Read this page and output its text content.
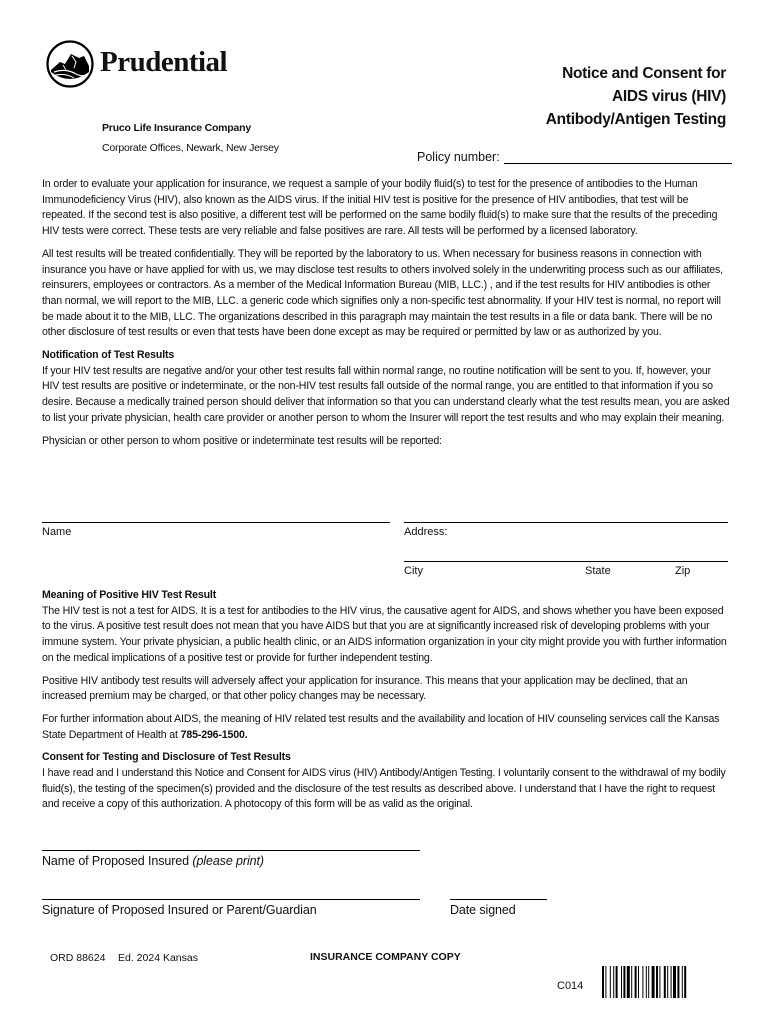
Prudential
Pruco Life Insurance Company
Corporate Offices, Newark, New Jersey
Notice and Consent for
AIDS virus (HIV)
Antibody/Antigen Testing
Policy number:

In order to evaluate your application for insurance, we request a sample of your bodily fluid(s) to test for the presence of antibodies to the Human Immunodeficiency Virus (HIV), also known as the AIDS virus. If the initial HIV test is positive for the presence of HIV antibodies, that test will be repeated. If the second test is also positive, a different test will be performed on the same bodily fluid(s) to make sure that the results of the preceding HIV tests were correct. These tests are very reliable and false positives are rare. All tests will be performed by a licensed laboratory.

All test results will be treated confidentially. They will be reported by the laboratory to us. When necessary for business reasons in connection with insurance you have or have applied for with us, we may disclose test results to others involved solely in the underwriting process such as our affiliates, reinsurers, employees or contractors. As a member of the Medical Information Bureau (MIB, LLC.) , and if the test results for HIV antibodies is other than normal, we will report to the MIB, LLC. a generic code which signifies only a non-specific test abnormality. If your HIV test is normal, no report will be made about it to the MIB, LLC. The organizations described in this paragraph may maintain the test results in a file or data bank. There will be no other disclosure of test results or even that tests have been done except as may be required or permitted by law or as authorized by you.

Notification of Test Results

If your HIV test results are negative and/or your other test results fall within normal range, no routine notification will be sent to you. If, however, your HIV test results are positive or indeterminate, or the non-HIV test results fall outside of the normal range, you are entitled to that information if you so desire. Because a medically trained person should deliver that information so that you can understand clearly what the test results mean, you are asked to list your private physician, health care provider or another person to whom the Insurer will report the test results and who may explain their meaning.

Physician or other person to whom positive or indeterminate test results will be reported:

Name	Address:
City	State	Zip

Meaning of Positive HIV Test Result

The HIV test is not a test for AIDS. It is a test for antibodies to the HIV virus, the causative agent for AIDS, and shows whether you have been exposed to the virus. A positive test result does not mean that you have AIDS but that you are at significantly increased risk of developing problems with your immune system. Your private physician, a public health clinic, or an AIDS information organization in your city might provide you with further information on the medical implications of a positive test or provide for further independent testing.

Positive HIV antibody test results will adversely affect your application for insurance. This means that your application may be declined, that an increased premium may be charged, or that other policy changes may be necessary.

For further information about AIDS, the meaning of HIV related test results and the availability and location of HIV counseling services call the Kansas State Department of Health at 785-296-1500.

Consent for Testing and Disclosure of Test Results

I have read and I understand this Notice and Consent for AIDS virus (HIV) Antibody/Antigen Testing. I voluntarily consent to the withdrawal of my bodily fluid(s), the testing of the specimen(s) provided and the disclosure of the test results as described above. I understand that I have the right to request and receive a copy of this authorization. A photocopy of this form will be as valid as the original.

Name of Proposed Insured (please print)
Signature of Proposed Insured or Parent/Guardian	Date signed
ORD 88624 Ed. 2024 Kansas	INSURANCE COMPANY COPY
C014
